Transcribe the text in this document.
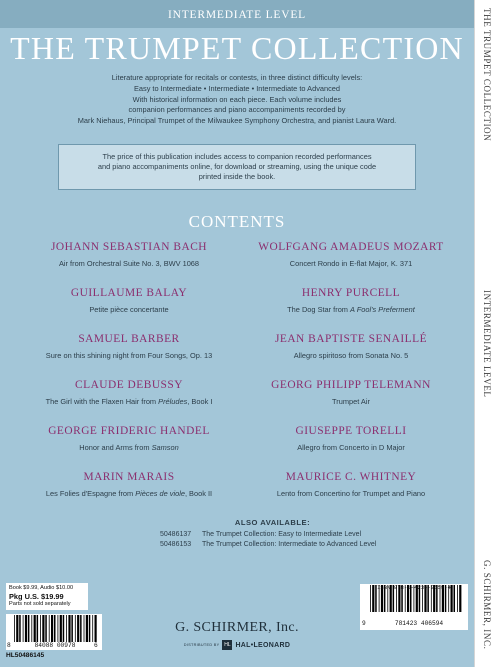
INTERMEDIATE LEVEL
THE TRUMPET COLLECTION
Literature appropriate for recitals or contests, in three distinct difficulty levels:
Easy to Intermediate • Intermediate • Intermediate to Advanced
With historical information on each piece. Each volume includes
companion performances and piano accompaniments recorded by
Mark Niehaus, Principal Trumpet of the Milwaukee Symphony Orchestra, and pianist Laura Ward.
The price of this publication includes access to companion recorded performances
and piano accompaniments online, for download or streaming, using the unique code
printed inside the book.
CONTENTS
JOHANN SEBASTIAN BACH
Air from Orchestral Suite No. 3, BWV 1068
GUILLAUME BALAY
Petite pièce concertante
SAMUEL BARBER
Sure on this shining night from Four Songs, Op. 13
CLAUDE DEBUSSY
The Girl with the Flaxen Hair from Préludes, Book I
GEORGE FRIDERIC HANDEL
Honor and Arms from Samson
MARIN MARAIS
Les Folies d'Espagne from Pièces de viole, Book II
WOLFGANG AMADEUS MOZART
Concert Rondo in E-flat Major, K. 371
HENRY PURCELL
The Dog Star from A Fool's Preferment
JEAN BAPTISTE SENAILLÉ
Allegro spiritoso from Sonata No. 5
GEORG PHILIPP TELEMANN
Trumpet Air
GIUSEPPE TORELLI
Allegro from Concerto in D Major
MAURICE C. WHITNEY
Lento from Concertino for Trumpet and Piano
ALSO AVAILABLE:
50486137 The Trumpet Collection: Easy to Intermediate Level
50486153 The Trumpet Collection: Intermediate to Advanced Level
Book $9.99, Audio $10.00
Pkg U.S. $19.99
Parts not sold separately
8	84088 00978	6
HL50486145
9	781423 406594
ISBN 978-1-4234-0659-4
G. SCHIRMER, Inc.
DISTRIBUTED BY HL HAL•LEONARD
THE TRUMPET COLLECTION
INTERMEDIATE LEVEL
G. SCHIRMER, INC.
